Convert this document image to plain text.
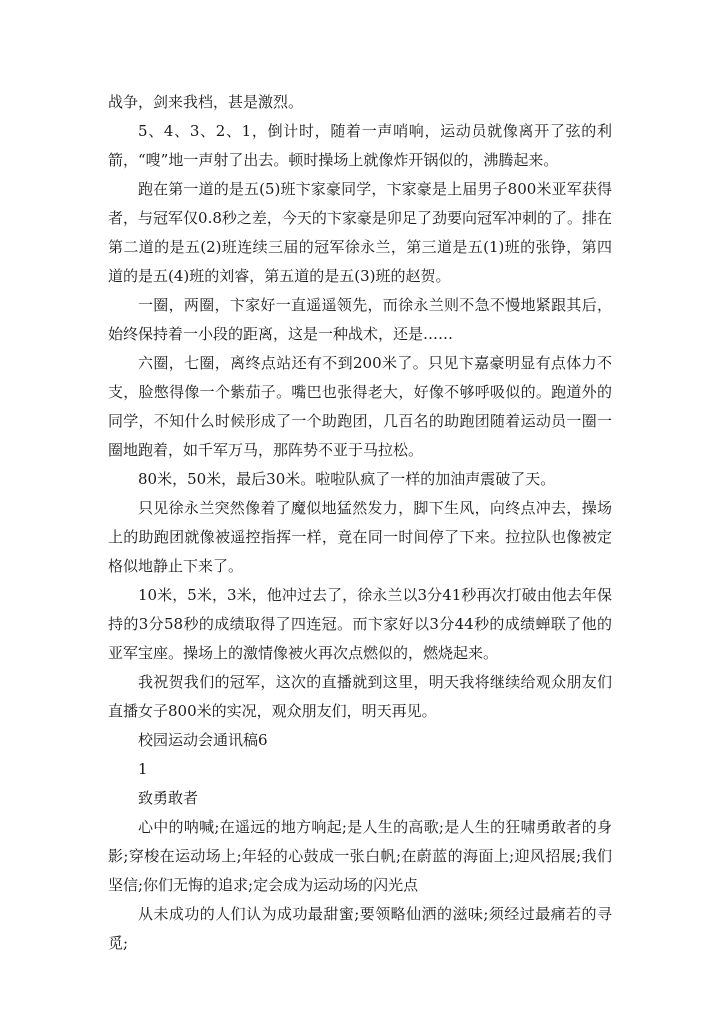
战争，剑来我档，甚是激烈。

5、4、3、2、1，倒计时，随着一声哨响，运动员就像离开了弦的利箭，“嗖”地一声射了出去。顿时操场上就像炸开锅似的，沸腾起来。

跑在第一道的是五(5)班卞家豪同学，卞家豪是上届男子800米亚军获得者，与冠军仅0.8秒之差，今天的卞家豪是卯足了劲要向冠军冲刺的了。排在第二道的是五(2)班连续三届的冠军徐永兰，第三道是五(1)班的张铮，第四道的是五(4)班的刘睿，第五道的是五(3)班的赵贺。

一圈，两圈，卞家好一直遥遥领先，而徐永兰则不急不慢地紧跟其后，始终保持着一小段的距离，这是一种战术，还是……

六圈，七圈，离终点站还有不到200米了。只见卞嘉豪明显有点体力不支，脸憋得像一个紫茄子。嘴巴也张得老大，好像不够呼吸似的。跑道外的同学，不知什么时候形成了一个助跑团，几百名的助跑团随着运动员一圈一圈地跑着，如千军万马，那阵势不亚于马拉松。

80米，50米，最后30米。啦啦队疯了一样的加油声震破了天。

只见徐永兰突然像着了魔似地猛然发力，脚下生风，向终点冲去，操场上的助跑团就像被遥控指挥一样，竟在同一时间停了下来。拉拉队也像被定格似地静止下来了。

10米，5米，3米，他冲过去了，徐永兰以3分41秒再次打破由他去年保持的3分58秒的成绩取得了四连冠。而卞家好以3分44秒的成绩蝉联了他的亚军宝座。操场上的激情像被火再次点燃似的，燃烧起来。

我祝贺我们的冠军，这次的直播就到这里，明天我将继续给观众朋友们直播女子800米的实况，观众朋友们，明天再见。

校园运动会通讯稿6

1

致勇敢者

心中的呐喊;在遥远的地方响起;是人生的高歌;是人生的狂啸勇敢者的身影;穿梭在运动场上;年轻的心鼓成一张白帆;在蔚蓝的海面上;迎风招展;我们坚信;你们无悔的追求;定会成为运动场的闪光点

从未成功的人们认为成功最甜蜜;要领略仙洒的滋味;须经过最痛若的寻觅;
